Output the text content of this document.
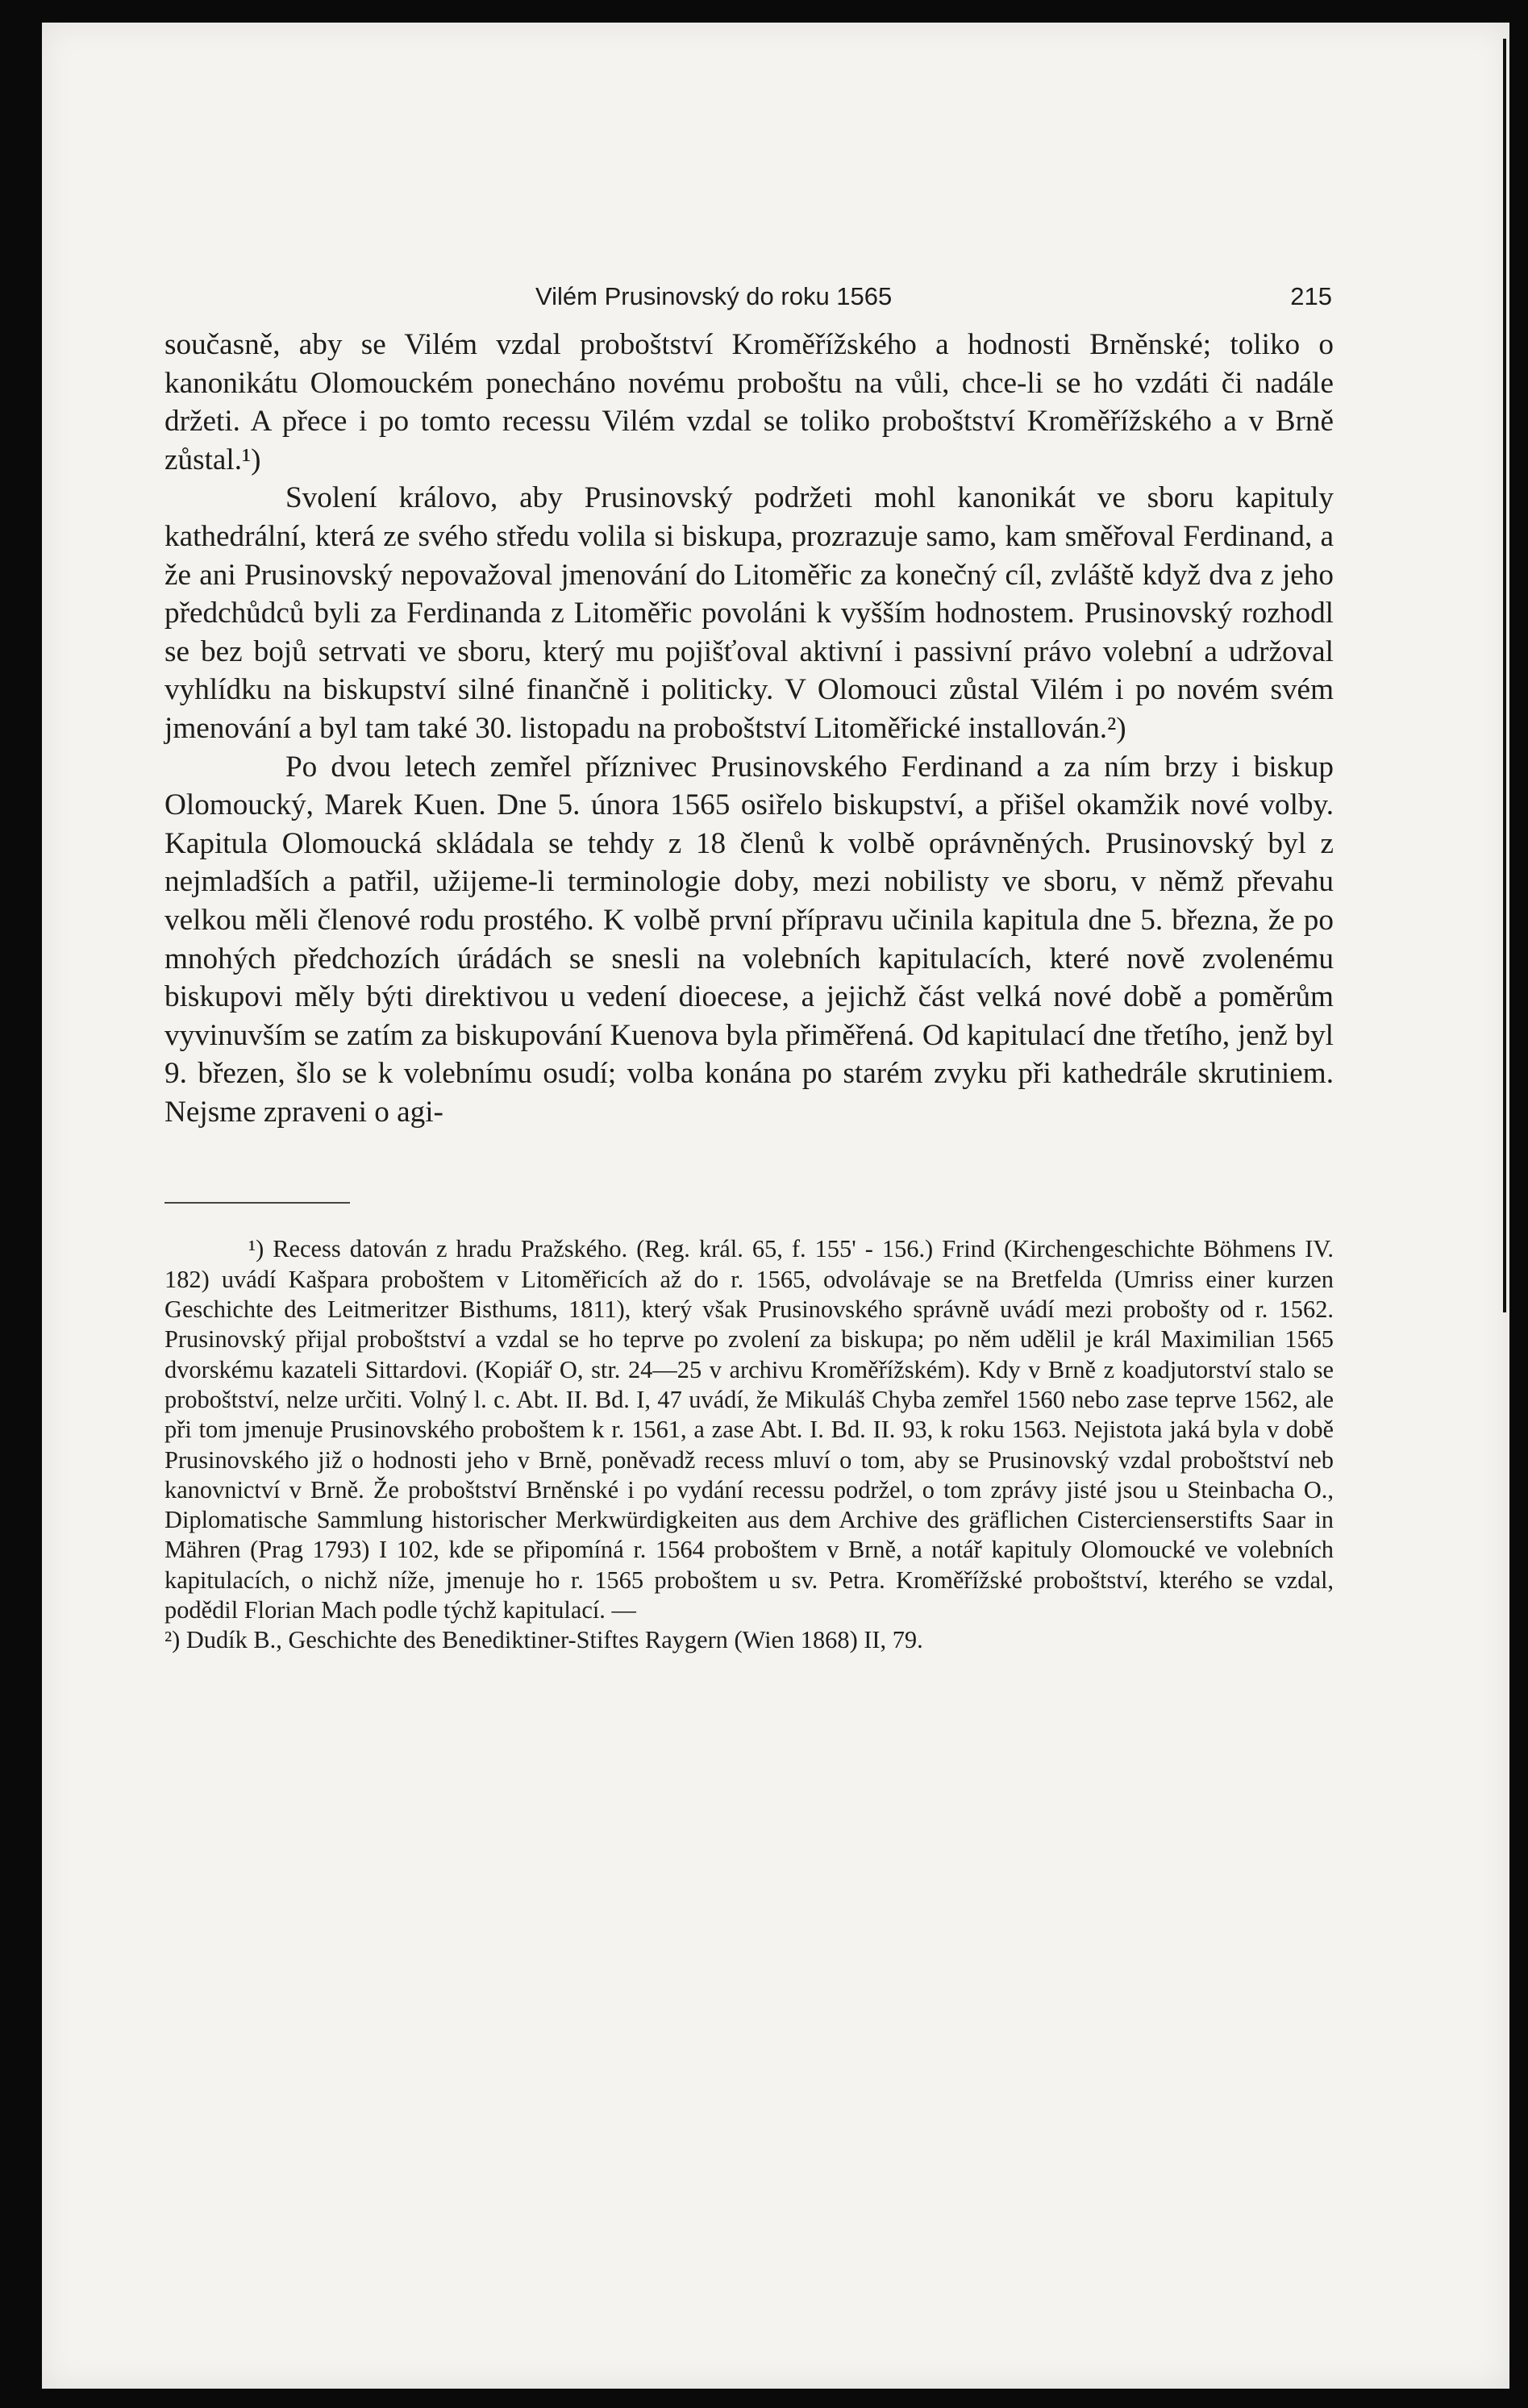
Vilém Prusinovský do roku 1565	215

současně, aby se Vilém vzdal proboštství Kroměřížského a hodnosti Brněnské; toliko o kanonikátu Olomouckém ponecháno novému proboštu na vůli, chce-li se ho vzdáti či nadále držeti. A přece i po tomto recessu Vilém vzdal se toliko proboštství Kroměřížského a v Brně zůstal.¹)

Svolení královo, aby Prusinovský podržeti mohl kanonikát ve sboru kapituly kathedrální, která ze svého středu volila si biskupa, prozrazuje samo, kam směřoval Ferdinand, a že ani Prusinovský nepovažoval jmenování do Litoměřic za konečný cíl, zvláště když dva z jeho předchůdců byli za Ferdinanda z Litoměřic povoláni k vyšším hodnostem. Prusinovský rozhodl se bez bojů setrvati ve sboru, který mu pojišťoval aktivní i passivní právo volební a udržoval vyhlídku na biskupství silné finančně i politicky. V Olomouci zůstal Vilém i po novém svém jmenování a byl tam také 30. listopadu na proboštství Litoměřické installován.²)

Po dvou letech zemřel příznivec Prusinovského Ferdinand a za ním brzy i biskup Olomoucký, Marek Kuen. Dne 5. února 1565 osiřelo biskupství, a přišel okamžik nové volby. Kapitula Olomoucká skládala se tehdy z 18 členů k volbě oprávněných. Prusinovský byl z nejmladších a patřil, užijeme-li terminologie doby, mezi nobilisty ve sboru, v němž převahu velkou měli členové rodu prostého. K volbě první přípravu učinila kapitula dne 5. března, že po mnohých předchozích úrádách se snesli na volebních kapitulacích, které nově zvolenému biskupovi měly býti direktivou u vedení dioecese, a jejichž část velká nové době a poměrům vyvinuvším se zatím za biskupování Kuenova byla přiměřená. Od kapitulací dne třetího, jenž byl 9. březen, šlo se k volebnímu osudí; volba konána po starém zvyku při kathedrále skrutiniem. Nejsme zpraveni o agi-

¹) Recess datován z hradu Pražského. (Reg. král. 65, f. 155' - 156.) Frind (Kirchengeschichte Böhmens IV. 182) uvádí Kašpara proboštem v Litoměřicích až do r. 1565, odvolávaje se na Bretfelda (Umriss einer kurzen Geschichte des Leitmeritzer Bisthums, 1811), který však Prusinovského správně uvádí mezi probošty od r. 1562. Prusinovský přijal proboštství a vzdal se ho teprve po zvolení za biskupa; po něm udělil je král Maximilian 1565 dvorskému kazateli Sittardovi. (Kopiář O, str. 24—25 v archivu Kroměřížském). Kdy v Brně z koadjutorství stalo se proboštství, nelze určiti. Volný l. c. Abt. II. Bd. I, 47 uvádí, že Mikuláš Chyba zemřel 1560 nebo zase teprve 1562, ale při tom jmenuje Prusinovského proboštem k r. 1561, a zase Abt. I. Bd. II. 93, k roku 1563. Nejistota jaká byla v době Prusinovského již o hodnosti jeho v Brně, poněvadž recess mluví o tom, aby se Prusinovský vzdal proboštství neb kanovnictví v Brně. Že proboštství Brněnské i po vydání recessu podržel, o tom zprávy jisté jsou u Steinbacha O., Diplomatische Sammlung historischer Merkwürdigkeiten aus dem Archive des gräflichen Cistercienserstifts Saar in Mähren (Prag 1793) I 102, kde se připomíná r. 1564 proboštem v Brně, a notář kapituly Olomoucké ve volebních kapitulacích, o nichž níže, jmenuje ho r. 1565 proboštem u sv. Petra. Kroměřížské proboštství, kterého se vzdal, podědil Florian Mach podle týchž kapitulací. —

²) Dudík B., Geschichte des Benediktiner-Stiftes Raygern (Wien 1868) II, 79.
